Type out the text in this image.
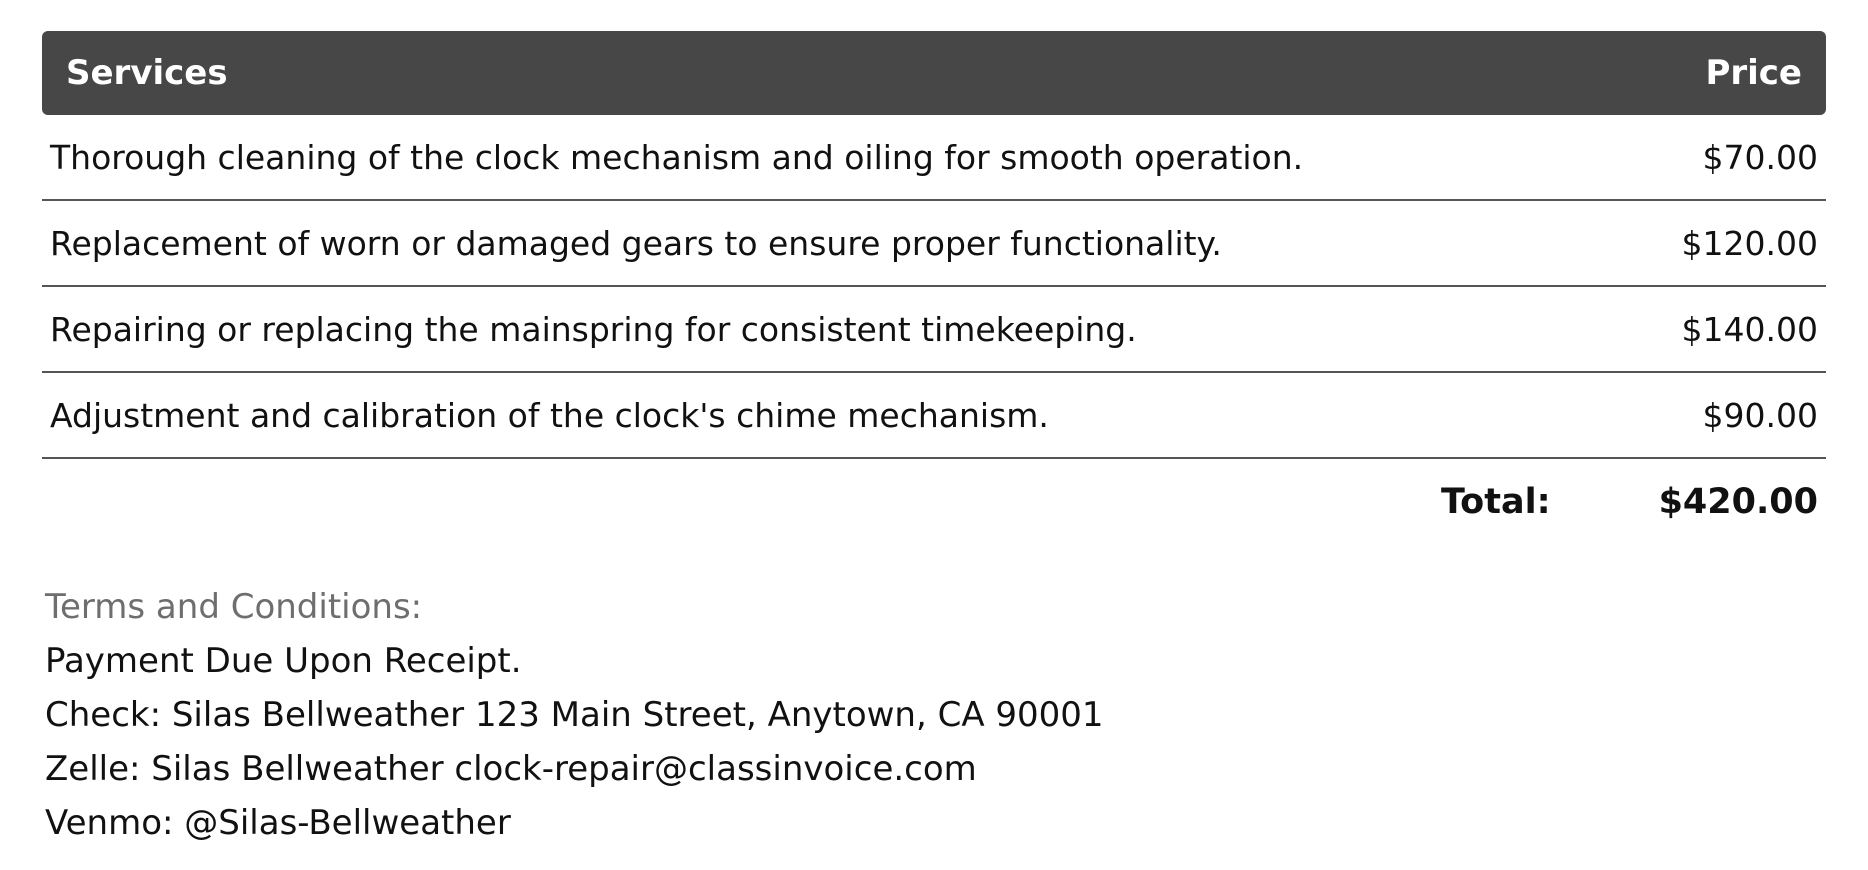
Services	Price
Thorough cleaning of the clock mechanism and oiling for smooth operation.	$70.00
Replacement of worn or damaged gears to ensure proper functionality.	$120.00
Repairing or replacing the mainspring for consistent timekeeping.	$140.00
Adjustment and calibration of the clock's chime mechanism.	$90.00
Total:	$420.00
Terms and Conditions:
Payment Due Upon Receipt.
Check: Silas Bellweather 123 Main Street, Anytown, CA 90001
Zelle: Silas Bellweather clock-repair@classinvoice.com
Venmo: @Silas-Bellweather
